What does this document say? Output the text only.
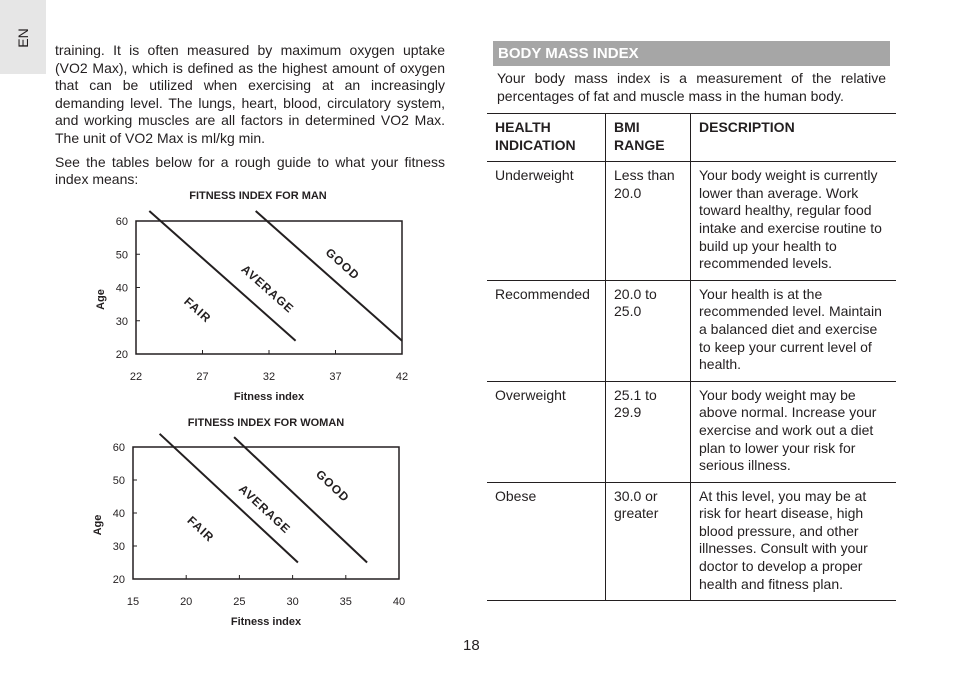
EN

training. It is often measured by maximum oxygen uptake (VO2 Max), which is defined as the highest amount of oxygen that can be utilized when exercising at an increasingly demanding level. The lungs, heart, blood, circulatory system, and working muscles are all factors in determined VO2 Max. The unit of VO2 Max is ml/kg min.

See the tables below for a rough guide to what your fitness index means:

FITNESS INDEX FOR MAN
22	27	32	37	42
20
30
40
50
60
FAIR AVERAGE GOOD
Fitness index
Age
FITNESS INDEX FOR WOMAN
15	20	25	30	35	40
20
30
40
50
60
FAIR AVERAGE GOOD
Fitness index
Age
BODY MASS INDEX
Your body mass index is a measurement of the relative percentages of fat and muscle mass in the human body.
HEALTH INDICATION	BMI RANGE	DESCRIPTION
Underweight	Less than 20.0	Your body weight is currently lower than average. Work toward healthy, regular food intake and exercise routine to build up your health to recommended levels.
Recommended	20.0 to 25.0	Your health is at the recommended level. Maintain a balanced diet and exercise to keep your current level of health.
Overweight	25.1 to 29.9	Your body weight may be above normal. Increase your exercise and work out a diet plan to lower your risk for serious illness.
Obese	30.0 or greater	At this level, you may be at risk for heart disease, high blood pressure, and other illnesses. Consult with your doctor to develop a proper health and fitness plan.
18
